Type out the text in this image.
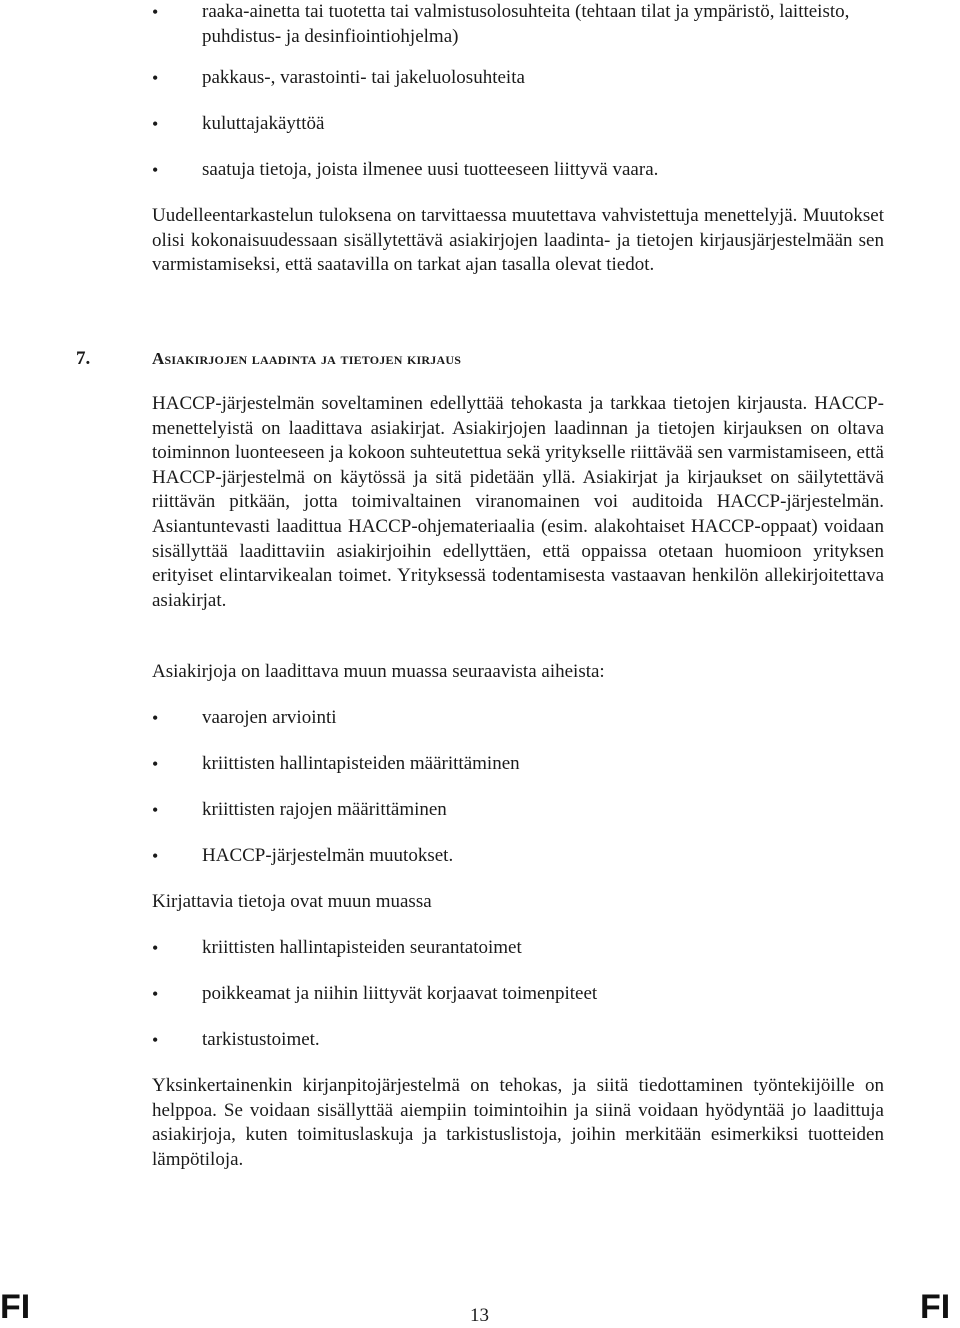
•	raaka-ainetta tai tuotetta tai valmistusolosuhteita (tehtaan tilat ja ympäristö, laitteisto, puhdistus- ja desinfiointiohjelma)
•	pakkaus-, varastointi- tai jakeluolosuhteita
•	kuluttajakäyttöä
•	saatuja tietoja, joista ilmenee uusi tuotteeseen liittyvä vaara.

Uudelleentarkastelun tuloksena on tarvittaessa muutettava vahvistettuja menettelyjä. Muutokset olisi kokonaisuudessaan sisällytettävä asiakirjojen laadinta- ja tietojen kirjausjärjestelmään sen varmistamiseksi, että saatavilla on tarkat ajan tasalla olevat tiedot.

7.	Asiakirjojen laadinta ja tietojen kirjaus

HACCP-järjestelmän soveltaminen edellyttää tehokasta ja tarkkaa tietojen kirjausta. HACCP-menettelyistä on laadittava asiakirjat. Asiakirjojen laadinnan ja tietojen kirjauksen on oltava toiminnon luonteeseen ja kokoon suhteutettua sekä yritykselle riittävää sen varmistamiseen, että HACCP-järjestelmä on käytössä ja sitä pidetään yllä. Asiakirjat ja kirjaukset on säilytettävä riittävän pitkään, jotta toimivaltainen viranomainen voi auditoida HACCP-järjestelmän. Asiantuntevasti laadittua HACCP-ohjemateriaalia (esim. alakohtaiset HACCP-oppaat) voidaan sisällyttää laadittaviin asiakirjoihin edellyttäen, että oppaissa otetaan huomioon yrityksen erityiset elintarvikealan toimet. Yrityksessä todentamisesta vastaavan henkilön allekirjoitettava asiakirjat.

Asiakirjoja on laadittava muun muassa seuraavista aiheista:

•	vaarojen arviointi
•	kriittisten hallintapisteiden määrittäminen
•	kriittisten rajojen määrittäminen
•	HACCP-järjestelmän muutokset.

Kirjattavia tietoja ovat muun muassa

•	kriittisten hallintapisteiden seurantatoimet
•	poikkeamat ja niihin liittyvät korjaavat toimenpiteet
•	tarkistustoimet.

Yksinkertainenkin kirjanpitojärjestelmä on tehokas, ja siitä tiedottaminen työntekijöille on helppoa. Se voidaan sisällyttää aiempiin toimintoihin ja siinä voidaan hyödyntää jo laadittuja asiakirjoja, kuten toimituslaskuja ja tarkistuslistoja, joihin merkitään esimerkiksi tuotteiden lämpötiloja.

FI	13	FI
